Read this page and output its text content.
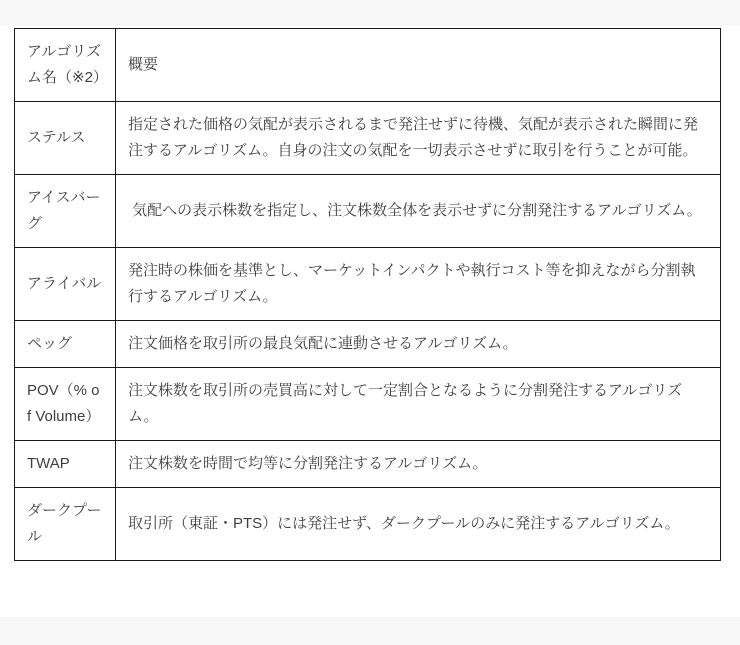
アルゴリズム名（※2）	概要
ステルス	指定された価格の気配が表示されるまで発注せずに待機、気配が表示された瞬間に発注するアルゴリズム。自身の注文の気配を一切表示させずに取引を行うことが可能。
アイスバーグ	気配への表示株数を指定し、注文株数全体を表示せずに分割発注するアルゴリズム。
アライバル	発注時の株価を基準とし、マーケットインパクトや執行コスト等を抑えながら分割執行するアルゴリズム。
ペッグ	注文価格を取引所の最良気配に連動させるアルゴリズム。
POV（% of Volume）	注文株数を取引所の売買高に対して一定割合となるように分割発注するアルゴリズム。
TWAP	注文株数を時間で均等に分割発注するアルゴリズム。
ダークプール	取引所（東証・PTS）には発注せず、ダークプールのみに発注するアルゴリズム。
